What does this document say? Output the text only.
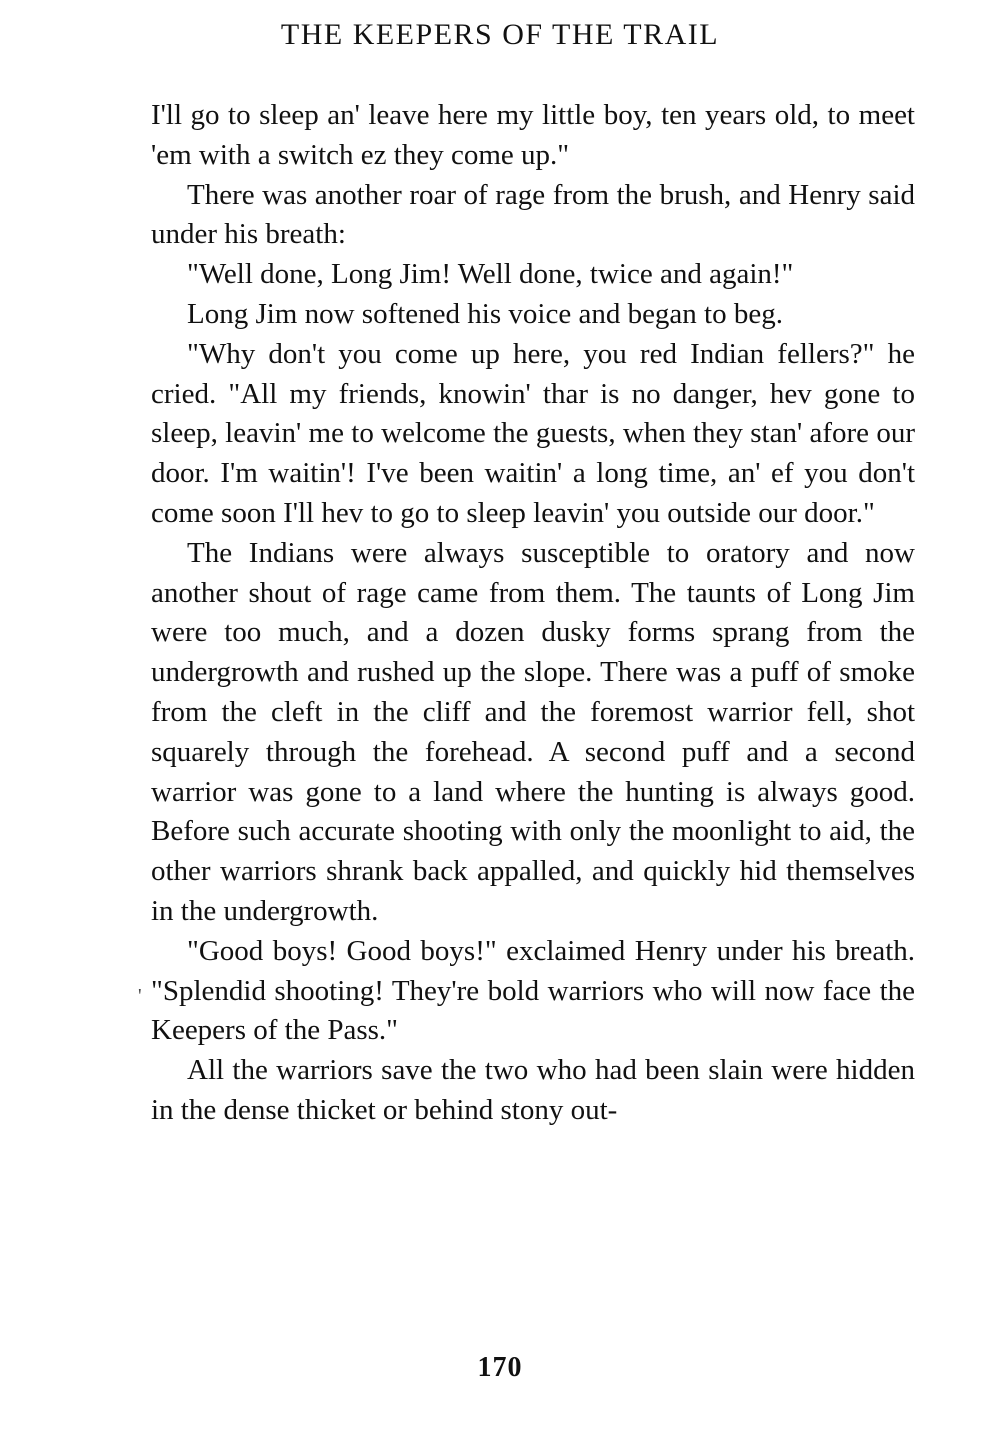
THE KEEPERS OF THE TRAIL

I'll go to sleep an' leave here my little boy, ten years old, to meet 'em with a switch ez they come up."

There was another roar of rage from the brush, and Henry said under his breath:

"Well done, Long Jim! Well done, twice and again!"

Long Jim now softened his voice and began to beg.

"Why don't you come up here, you red Indian fellers?" he cried. "All my friends, knowin' thar is no danger, hev gone to sleep, leavin' me to welcome the guests, when they stan' afore our door. I'm waitin'! I've been waitin' a long time, an' ef you don't come soon I'll hev to go to sleep leavin' you outside our door."

The Indians were always susceptible to oratory and now another shout of rage came from them. The taunts of Long Jim were too much, and a dozen dusky forms sprang from the undergrowth and rushed up the slope. There was a puff of smoke from the cleft in the cliff and the foremost warrior fell, shot squarely through the forehead. A second puff and a second warrior was gone to a land where the hunting is always good. Before such accurate shooting with only the moonlight to aid, the other warriors shrank back appalled, and quickly hid themselves in the undergrowth.

"Good boys! Good boys!" exclaimed Henry under his breath. "Splendid shooting! They're bold warriors who will now face the Keepers of the Pass."

All the warriors save the two who had been slain were hidden in the dense thicket or behind stony out-

'
170
